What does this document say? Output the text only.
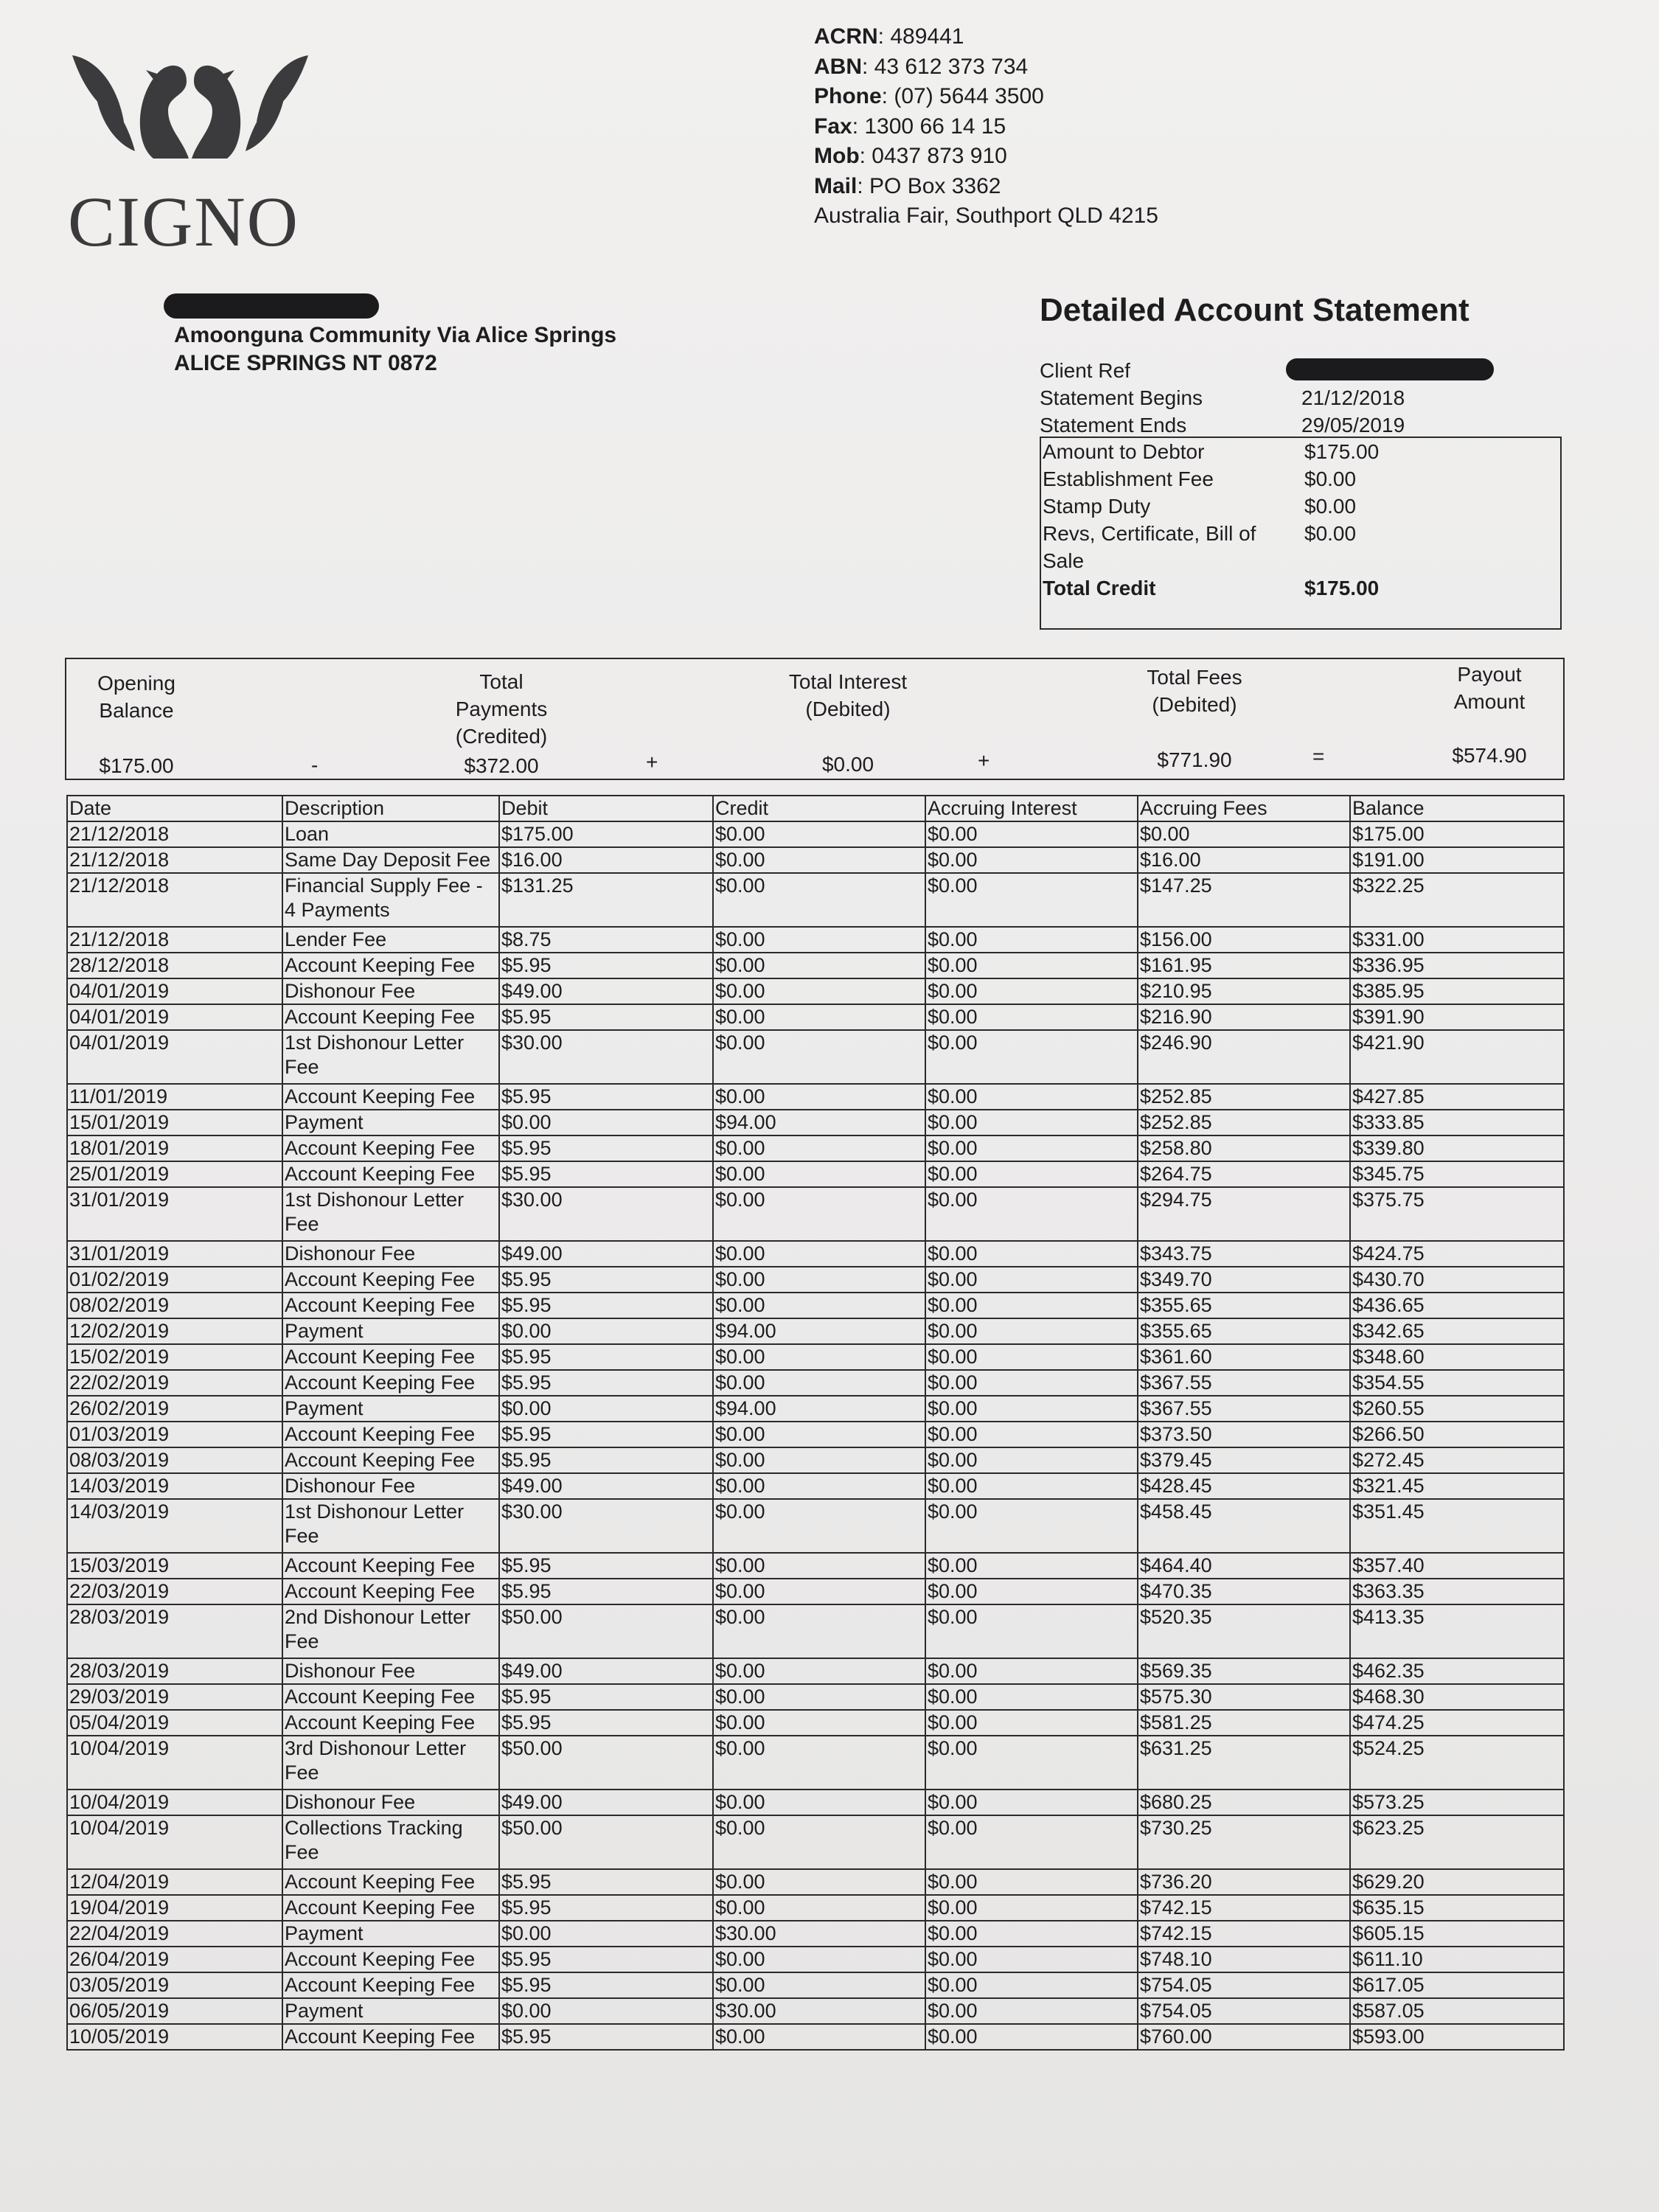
CIGNO
ACRN: 489441
ABN: 43 612 373 734
Phone: (07) 5644 3500
Fax: 1300 66 14 15
Mob: 0437 873 910
Mail: PO Box 3362
Australia Fair, Southport QLD 4215
Amoonguna Community Via Alice Springs
ALICE SPRINGS NT 0872
Detailed Account Statement
Client Ref
Statement Begins	21/12/2018
Statement Ends	29/05/2019
Amount to Debtor	$175.00
Establishment Fee	$0.00
Stamp Duty	$0.00
Revs, Certificate, Bill of	$0.00
Sale
Total Credit	$175.00
Opening
Balance
$175.00	-
Total
Payments
(Credited)
$372.00	+
Total Interest
(Debited)
$0.00	+
Total Fees
(Debited)
$771.90	=
Payout
Amount
$574.90
Date	Description	Debit	Credit	Accruing Interest	Accruing Fees	Balance
21/12/2018	Loan	$175.00	$0.00	$0.00	$0.00	$175.00
21/12/2018	Same Day Deposit Fee	$16.00	$0.00	$0.00	$16.00	$191.00
21/12/2018	Financial Supply Fee - 4 Payments	$131.25	$0.00	$0.00	$147.25	$322.25
21/12/2018	Lender Fee	$8.75	$0.00	$0.00	$156.00	$331.00
28/12/2018	Account Keeping Fee	$5.95	$0.00	$0.00	$161.95	$336.95
04/01/2019	Dishonour Fee	$49.00	$0.00	$0.00	$210.95	$385.95
04/01/2019	Account Keeping Fee	$5.95	$0.00	$0.00	$216.90	$391.90
04/01/2019	1st Dishonour Letter Fee	$30.00	$0.00	$0.00	$246.90	$421.90
11/01/2019	Account Keeping Fee	$5.95	$0.00	$0.00	$252.85	$427.85
15/01/2019	Payment	$0.00	$94.00	$0.00	$252.85	$333.85
18/01/2019	Account Keeping Fee	$5.95	$0.00	$0.00	$258.80	$339.80
25/01/2019	Account Keeping Fee	$5.95	$0.00	$0.00	$264.75	$345.75
31/01/2019	1st Dishonour Letter Fee	$30.00	$0.00	$0.00	$294.75	$375.75
31/01/2019	Dishonour Fee	$49.00	$0.00	$0.00	$343.75	$424.75
01/02/2019	Account Keeping Fee	$5.95	$0.00	$0.00	$349.70	$430.70
08/02/2019	Account Keeping Fee	$5.95	$0.00	$0.00	$355.65	$436.65
12/02/2019	Payment	$0.00	$94.00	$0.00	$355.65	$342.65
15/02/2019	Account Keeping Fee	$5.95	$0.00	$0.00	$361.60	$348.60
22/02/2019	Account Keeping Fee	$5.95	$0.00	$0.00	$367.55	$354.55
26/02/2019	Payment	$0.00	$94.00	$0.00	$367.55	$260.55
01/03/2019	Account Keeping Fee	$5.95	$0.00	$0.00	$373.50	$266.50
08/03/2019	Account Keeping Fee	$5.95	$0.00	$0.00	$379.45	$272.45
14/03/2019	Dishonour Fee	$49.00	$0.00	$0.00	$428.45	$321.45
14/03/2019	1st Dishonour Letter Fee	$30.00	$0.00	$0.00	$458.45	$351.45
15/03/2019	Account Keeping Fee	$5.95	$0.00	$0.00	$464.40	$357.40
22/03/2019	Account Keeping Fee	$5.95	$0.00	$0.00	$470.35	$363.35
28/03/2019	2nd Dishonour Letter Fee	$50.00	$0.00	$0.00	$520.35	$413.35
28/03/2019	Dishonour Fee	$49.00	$0.00	$0.00	$569.35	$462.35
29/03/2019	Account Keeping Fee	$5.95	$0.00	$0.00	$575.30	$468.30
05/04/2019	Account Keeping Fee	$5.95	$0.00	$0.00	$581.25	$474.25
10/04/2019	3rd Dishonour Letter Fee	$50.00	$0.00	$0.00	$631.25	$524.25
10/04/2019	Dishonour Fee	$49.00	$0.00	$0.00	$680.25	$573.25
10/04/2019	Collections Tracking Fee	$50.00	$0.00	$0.00	$730.25	$623.25
12/04/2019	Account Keeping Fee	$5.95	$0.00	$0.00	$736.20	$629.20
19/04/2019	Account Keeping Fee	$5.95	$0.00	$0.00	$742.15	$635.15
22/04/2019	Payment	$0.00	$30.00	$0.00	$742.15	$605.15
26/04/2019	Account Keeping Fee	$5.95	$0.00	$0.00	$748.10	$611.10
03/05/2019	Account Keeping Fee	$5.95	$0.00	$0.00	$754.05	$617.05
06/05/2019	Payment	$0.00	$30.00	$0.00	$754.05	$587.05
10/05/2019	Account Keeping Fee	$5.95	$0.00	$0.00	$760.00	$593.00
